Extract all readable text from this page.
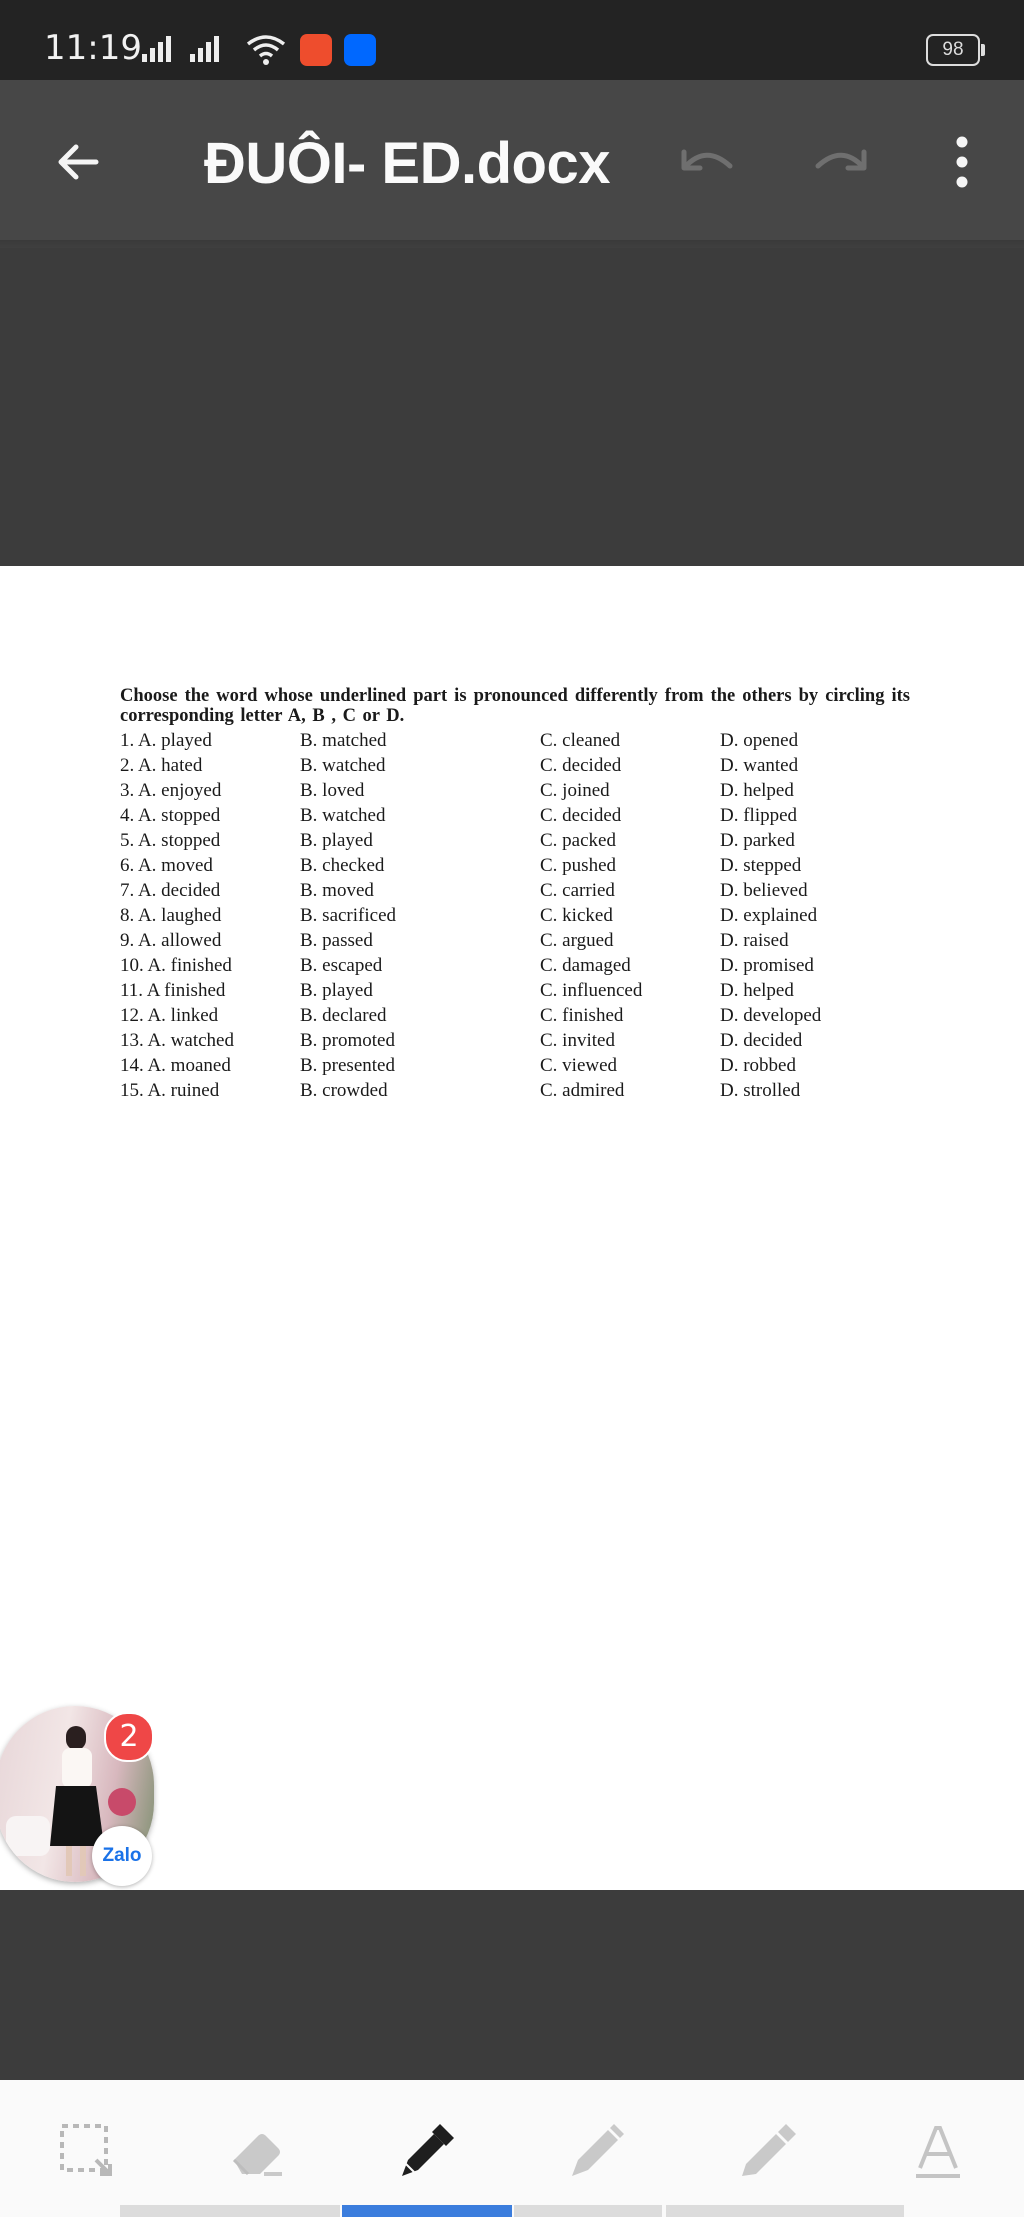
11:19	98
ĐUÔI- ED.docx
Choose the word whose underlined part is pronounced differently from the others by circling its corresponding letter A, B , C or D.
1. A. played	B. matched	C. cleaned	D. opened
2. A. hated	B. watched	C. decided	D. wanted
3. A. enjoyed	B. loved	C. joined	D. helped
4. A. stopped	B. watched	C. decided	D. flipped
5. A. stopped	B. played	C. packed	D. parked
6. A. moved	B. checked	C. pushed	D. stepped
7. A. decided	B. moved	C. carried	D. believed
8. A. laughed	B. sacrificed	C. kicked	D. explained
9. A. allowed	B. passed	C. argued	D. raised
10. A. finished	B. escaped	C. damaged	D. promised
11. A finished	B. played	C. influenced	D. helped
12. A. linked	B. declared	C. finished	D. developed
13. A. watched	B. promoted	C. invited	D. decided
14. A. moaned	B. presented	C. viewed	D. robbed
15. A. ruined	B. crowded	C. admired	D. strolled
2
Zalo
